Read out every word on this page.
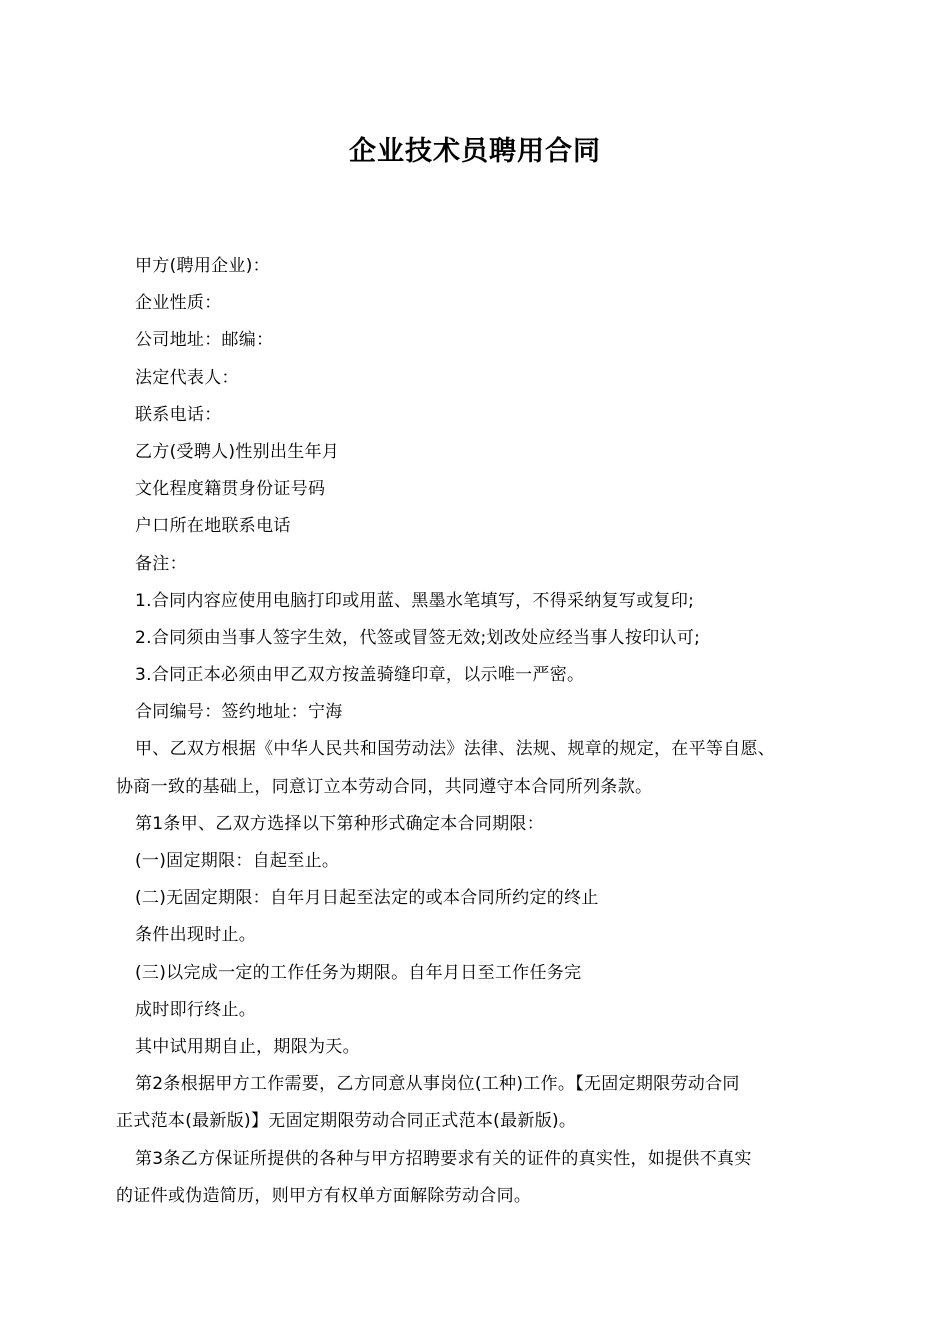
企业技术员聘用合同
甲方(聘用企业)：
企业性质：
公司地址：邮编：
法定代表人：
联系电话：
乙方(受聘人)性别出生年月
文化程度籍贯身份证号码
户口所在地联系电话
备注：
1.合同内容应使用电脑打印或用蓝、黑墨水笔填写，不得采纳复写或复印;
2.合同须由当事人签字生效，代签或冒签无效;划改处应经当事人按印认可;
3.合同正本必须由甲乙双方按盖骑缝印章，以示唯一严密。
合同编号：签约地址：宁海
甲、乙双方根据《中华人民共和国劳动法》法律、法规、规章的规定，在平等自愿、
协商一致的基础上，同意订立本劳动合同，共同遵守本合同所列条款。
第1条甲、乙双方选择以下第种形式确定本合同期限：
(一)固定期限：自起至止。
(二)无固定期限：自年月日起至法定的或本合同所约定的终止
条件出现时止。
(三)以完成一定的工作任务为期限。自年月日至工作任务完
成时即行终止。
其中试用期自止，期限为天。
第2条根据甲方工作需要，乙方同意从事岗位(工种)工作。【无固定期限劳动合同
正式范本(最新版)】无固定期限劳动合同正式范本(最新版)。
第3条乙方保证所提供的各种与甲方招聘要求有关的证件的真实性，如提供不真实
的证件或伪造简历，则甲方有权单方面解除劳动合同。
